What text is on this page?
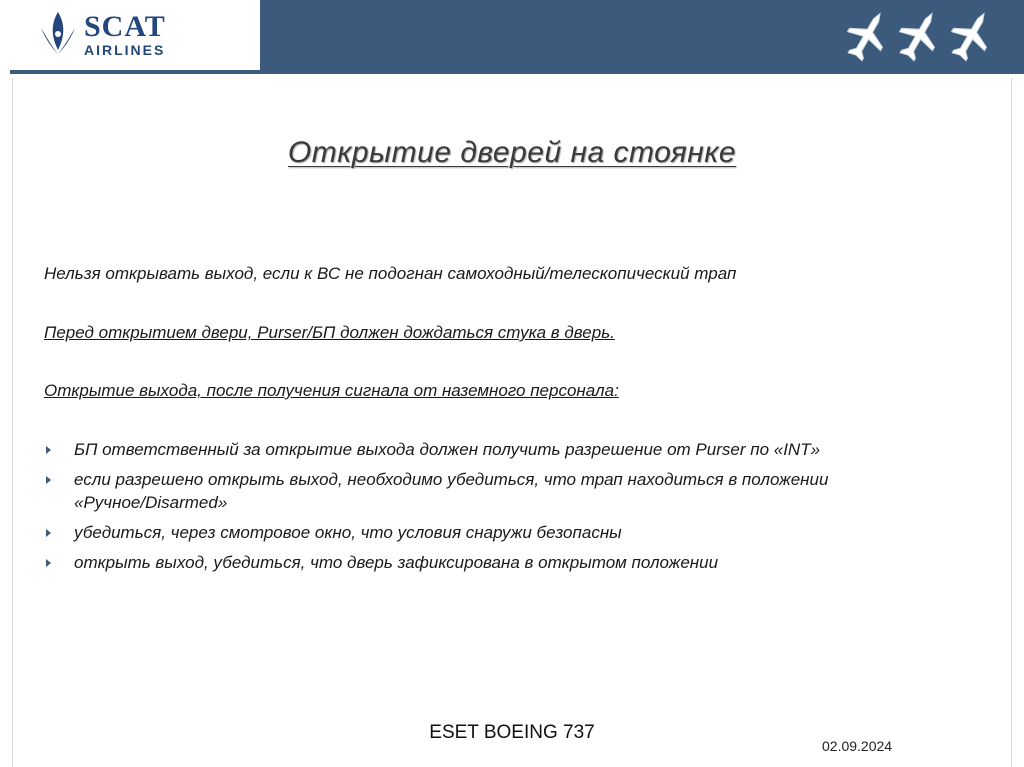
SCAT
AIRLINES
Открытие дверей на стоянке
Нельзя открывать выход, если к ВС не подогнан самоходный/телескопический трап
Перед открытием двери, Purser/БП должен дождаться стука в дверь.
Открытие выхода, после получения сигнала от наземного персонала:
БП ответственный за открытие выхода должен получить разрешение от Purser по «INT»
если разрешено открыть выход, необходимо убедиться, что трап находиться в положении «Ручное/Disarmed»
убедиться, через смотровое окно, что условия снаружи безопасны
открыть выход, убедиться, что дверь зафиксирована в открытом положении
ESET BOEING 737
02.09.2024
